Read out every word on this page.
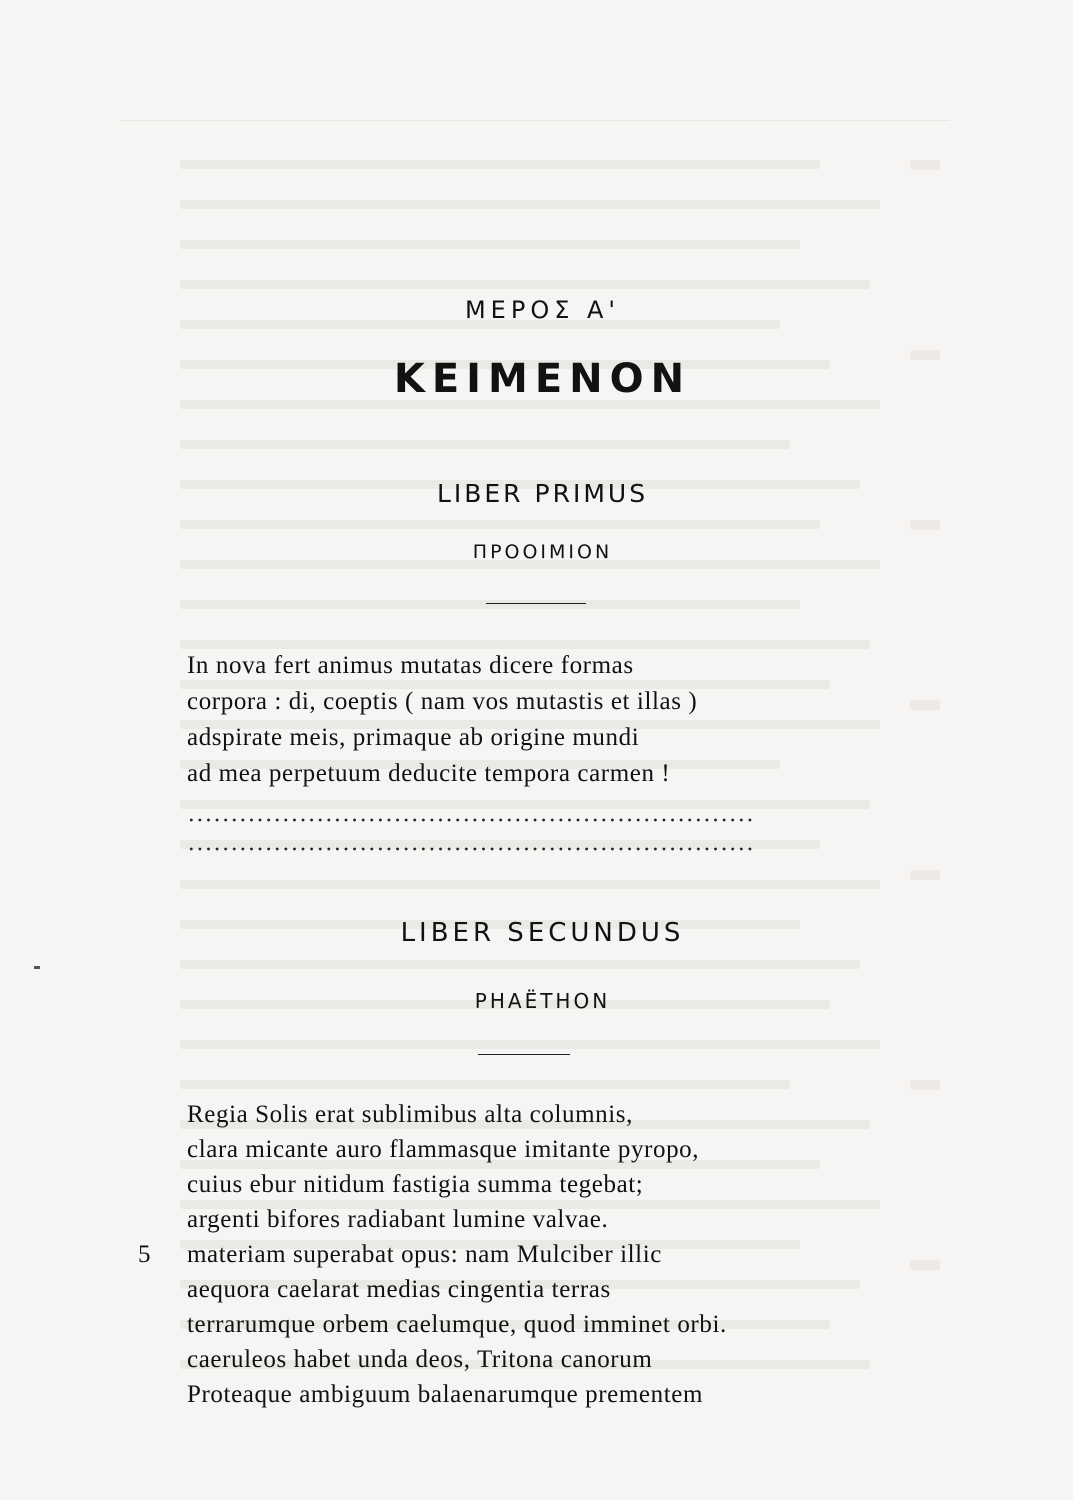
ΜΕΡΟΣ Α'
ΚΕΙΜΕΝΟΝ
LIBER PRIMUS
ΠΡΟΟΙΜΙΟΝ
In nova fert animus mutatas dicere formas
corpora : di, coeptis ( nam vos mutastis et illas )
adspirate meis, primaque ab origine mundi
ad mea perpetuum deducite tempora carmen !
LIBER SECUNDUS
ΡΗΑËΤΗΟΝ
Regia Solis erat sublimibus alta columnis,
clara micante auro flammasque imitante pyropo,
cuius ebur nitidum fastigia summa tegebat;
argenti bifores radiabant lumine valvae.
materiam superabat opus: nam Mulciber illic
aequora caelarat medias cingentia terras
terrarumque orbem caelumque, quod imminet orbi.
caeruleos habet unda deos, Tritona canorum
Proteaque ambiguum balaenarumque prementem
5
